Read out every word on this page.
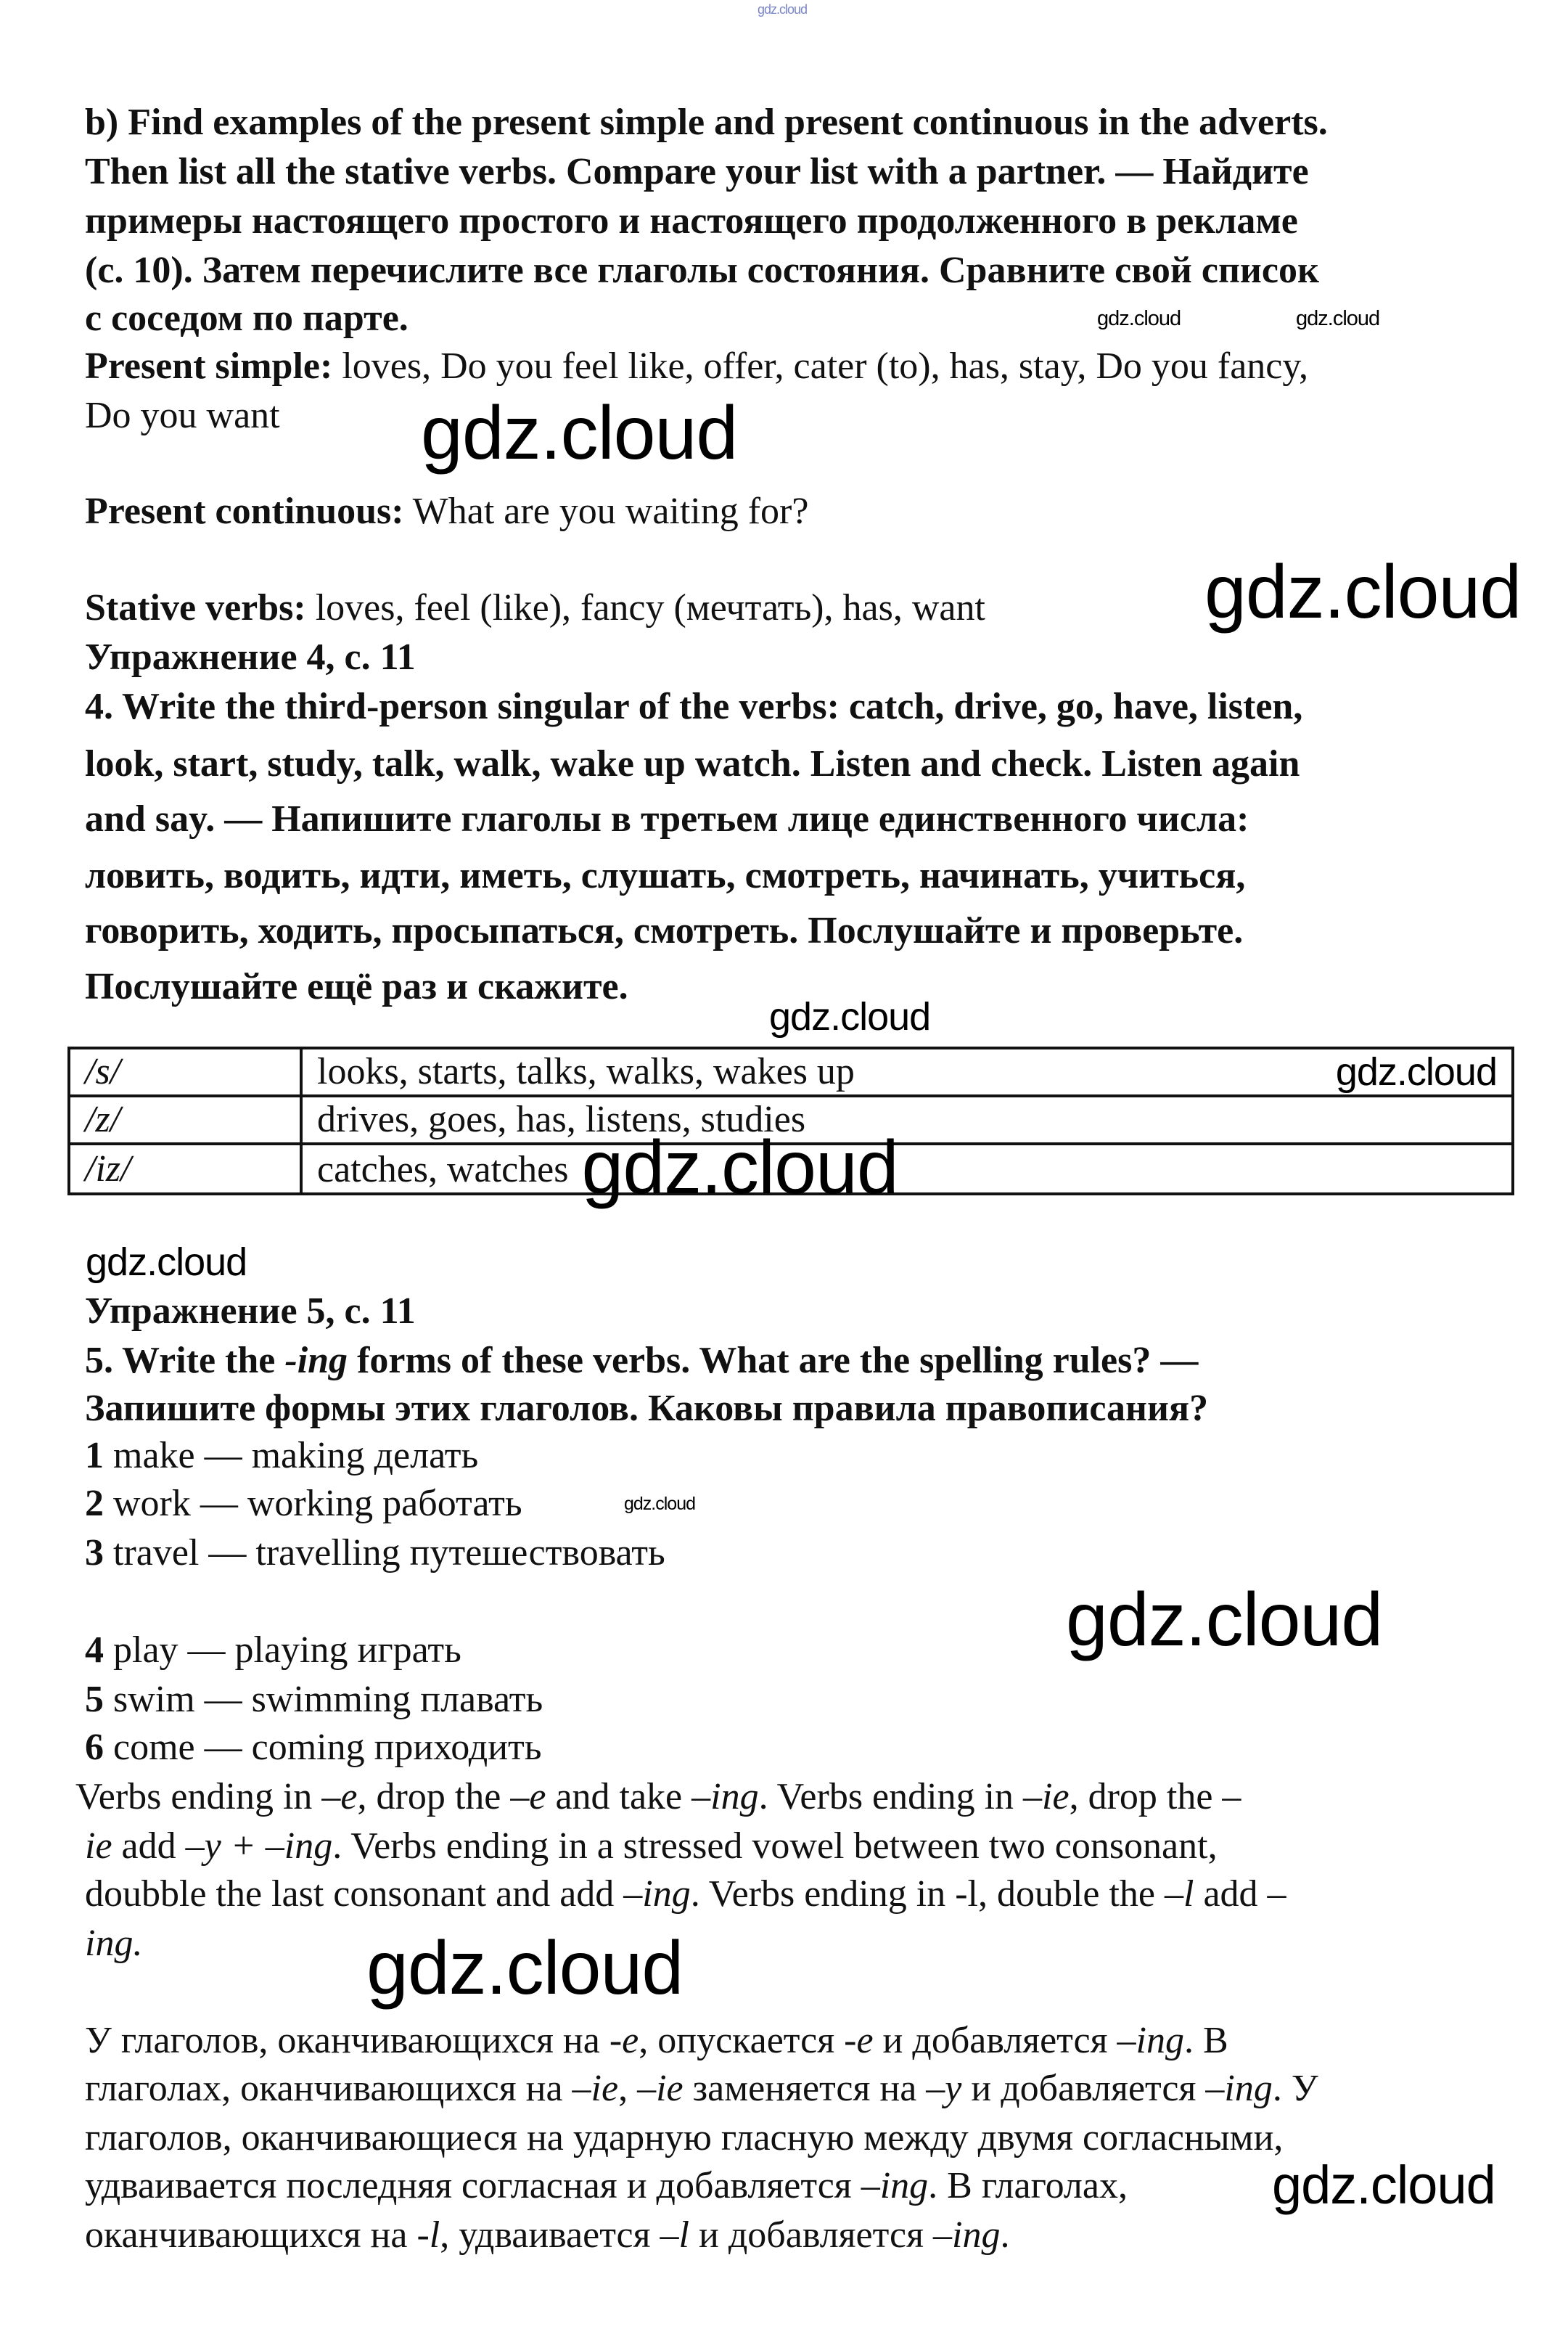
gdz.cloud
b) Find examples of the present simple and present continuous in the adverts.
Then list all the stative verbs. Compare your list with a partner. — Найдите
примеры настоящего простого и настоящего продолженного в рекламе
(с. 10). Затем перечислите все глаголы состояния. Сравните свой список
с соседом по парте.	gdz.cloud	gdz.cloud
Present simple: loves, Do you feel like, offer, cater (to), has, stay, Do you fancy,
Do you want gdz.cloud
Present continuous: What are you waiting for?
gdz.cloud
Stative verbs: loves, feel (like), fancy (мечтать), has, want
Упражнение 4, с. 11
4. Write the third-person singular of the verbs: catch, drive, go, have, listen,
look, start, study, talk, walk, wake up watch. Listen and check. Listen again
and say. — Напишите глаголы в третьем лице единственного числа:
ловить, водить, идти, иметь, слушать, смотреть, начинать, учиться,
говорить, ходить, просыпаться, смотреть. Послушайте и проверьте.
Послушайте ещё раз и скажите.
gdz.cloud
/s/	looks, starts, talks, walks, wakes up gdz.cloud

/z/	drives, goes, has, listens, studies
/iz/	catches, watches gdz.cloud
gdz.cloud
Упражнение 5, с. 11
5. Write the -ing forms of these verbs. What are the spelling rules? —
Запишите формы этих глаголов. Каковы правила правописания?
1 make — making делать
2 work — working работать	gdz.cloud
3 travel — travelling путешествовать
gdz.cloud
4 play — playing играть
5 swim — swimming плавать
6 come — coming приходить
Verbs ending in –e, drop the –e and take –ing. Verbs ending in –ie, drop the –
ie add –y + –ing. Verbs ending in a stressed vowel between two consonant,
doubble the last consonant and add –ing. Verbs ending in -l, double the –l add –
ing.	gdz.cloud
У глаголов, оканчивающихся на -e, опускается -e и добавляется –ing. В
глаголах, оканчивающихся на –ie, –ie заменяется на –y и добавляется –ing. У
глаголов, оканчивающиеся на ударную гласную между двумя согласными,
удваивается последняя согласная и добавляется –ing. В глаголах,	gdz.cloud
оканчивающихся на -l, удваивается –l и добавляется –ing.
